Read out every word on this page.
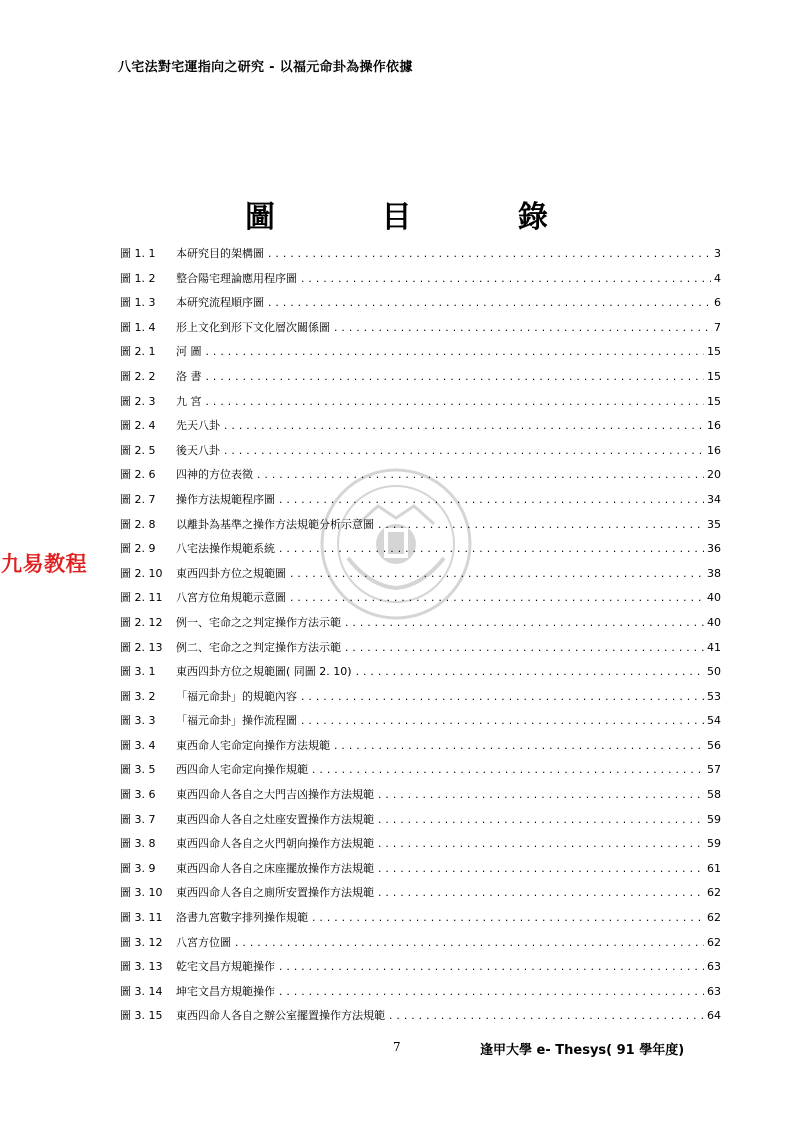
八宅法對宅運指向之研究 - 以福元命卦為操作依據
圖 目 錄
九易教程
圖 1. 1	本研究目的架構圖 .....	3
圖 1. 2	整合陽宅理論應用程序圖 .....	4
圖 1. 3	本研究流程順序圖 .....	6
圖 1. 4	形上文化到形下文化層次關係圖 .....	7
圖 2. 1	河 圖 .....	15
圖 2. 2	洛 書 .....	15
圖 2. 3	九 宮 .....	15
圖 2. 4	先天八卦 .....	16
圖 2. 5	後天八卦 .....	16
圖 2. 6	四神的方位表徵 .....	20
圖 2. 7	操作方法規範程序圖 .....	34
圖 2. 8	以離卦為基準之操作方法規範分析示意圖 .....	35
圖 2. 9	八宅法操作規範系統 .....	36
圖 2. 10	東西四卦方位之規範圖 .....	38
圖 2. 11	八宮方位角規範示意圖 .....	40
圖 2. 12	例一、宅命之之判定操作方法示範 .....	40
圖 2. 13	例二、宅命之之判定操作方法示範 .....	41
圖 3. 1	東西四卦方位之規範圖( 同圖 2. 10) .....	50
圖 3. 2	「福元命卦」的規範內容 .....	53
圖 3. 3	「福元命卦」操作流程圖 .....	54
圖 3. 4	東西命人宅命定向操作方法規範 .....	56
圖 3. 5	西四命人宅命定向操作規範 .....	57
圖 3. 6	東西四命人各自之大門吉凶操作方法規範 .....	58
圖 3. 7	東西四命人各自之灶座安置操作方法規範 .....	59
圖 3. 8	東西四命人各自之火門朝向操作方法規範 .....	59
圖 3. 9	東西四命人各自之床座擺放操作方法規範 .....	61
圖 3. 10	東西四命人各自之廁所安置操作方法規範 .....	62
圖 3. 11	洛書九宮數字排列操作規範 .....	62
圖 3. 12	八宮方位圖 .....	62
圖 3. 13	乾宅文昌方規範操作 .....	63
圖 3. 14	坤宅文昌方規範操作 .....	63
圖 3. 15	東西四命人各自之辦公室擺置操作方法規範 .....	64
7	逢甲大學 e- Thesys( 91 學年度)
